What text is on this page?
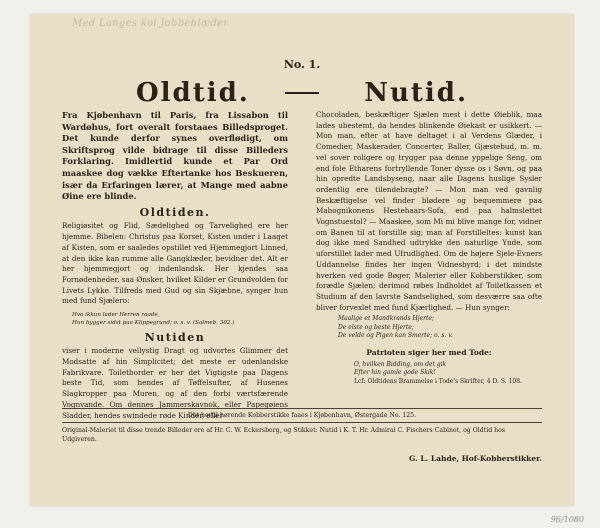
Med Langes kol Jobbeblæder
No. 1.
Oldtid.	Nutid.

Fra Kjøbenhavn til Paris, fra Lissabon til Wardøhus, fort overalt forstaaes Billedsproget. Det kunde derfor synes overflødigt, om Skriftsprog vilde bidrage til disse Billeders Forklaring. Imidlertid kunde et Par Ord maaskee dog vække Eftertanke hos Beskueren, især da Erfaringen lærer, at Mange med aabne Øine ere blinde.

Oldtiden.

Religiøsitet og Flid, Sædelighed og Tarvelighed ere her hjemme. Bibelen: Christus paa Korset, Kisten under i Laaget af Kisten, som er saaledes opstillet ved Hjemmegjort Linned, at den ikke kan rumme alle Gangklæder, bevidner det. Alt er her hjemmegjort og indenlandsk. Her kjendes saa Fornødenheder, saa Ønsker, hvilket Kilder er Grundvolden for Livets Lykke. Tilfreds med Gud og sin Skjæbne, synger hun med fund Sjælero:

Hvo ikkun lader Herren raade,
Hun bygger sidst paa Klippegrund; o. s. v. (Salmeb. 302.)
Nutiden

viser i moderne vellystig Dragt og udvortes Glimmer det Modsatte af hin Simplicitet; det meste er udenlandske Fabrikvare. Toiletborder er her det Vigtigste paa Dagens beste Tid, som hendes af Tøffelsufter, af Husenes Slagkropper paa Muren, og af den forbi værtsfærende Vognvande. Om dennes Jammerskavnok, eller Papegøiens Sladder, hendes swindede røde Kinder, eller

Chocoladen, beskæftiger Sjælen mest i dette Øieblik, maa lades ubestemt, da hendes blinkende Øiekast er usikkert. — Mon man, efter at have deltaget i al Verdens Glæder, i Comedier, Maskerader, Concerter, Baller, Gjæstebud, m. m. vel sover roligere og trygger paa denne yppelige Seng, om end fole Etharens fortryllende Toner dysse os i Søvn, og paa hin opredte Landsbyseng, naar alle Dagens huslige Sysler ordentlig ere tilendebragte? — Mon man ved gavnlig Beskæftigelse vel finder blødere og bequemmere paa Mahognikonens Hestehaars-Sofa, end paa halmslettet Vognstuestol? — Maaskee, som Mi mi blive mange for, vidner om Banen til at forstille sig; man af Forstilleltes: kunst kan dog ikke med Sandhed udtrykke den naturlige Ynde, som uforstillet lader med Ufrudlighed. Om de højere Sjele-Evners Uddannelse findes her ingen Vidnesbyrd; i det mindste hverken ved gode Bøger, Malerier eller Kobberstikker, som forædle Sjælen; derimod røbes Indholdet af Toiletkassen et Studium af den lavrste Sandselighed, som desværre saa ofte bliver forvexlet med fund Kjærlighed. — Hun synger:

Maalige et Mandkrands Hjerte;
De elste og beste Hjerte;
De velde og Pigen kan Smerte; o. s. v.
Patrioten siger her med Tode:
O, hvilken Bidding, om det gik
Efter hin gamle gode Skik!
Lcf: Oldtidens Brammelse i Tode's Skrifter, 4 D. S. 108.
Det hertil hørende Kobberstikke faaes i Kjøbenhavn, Østergade No. 125.
Original-Maleriet til disse trende Billeder ere af Hr. C. W. Eckersberg, og Stikket: Nutid i K. T. Hr. Admiral C. Fischers Cabinet, og Oldtid hos Udgiveren.
G. L. Lahde, Hof-Kobberstikker.
96/1080
